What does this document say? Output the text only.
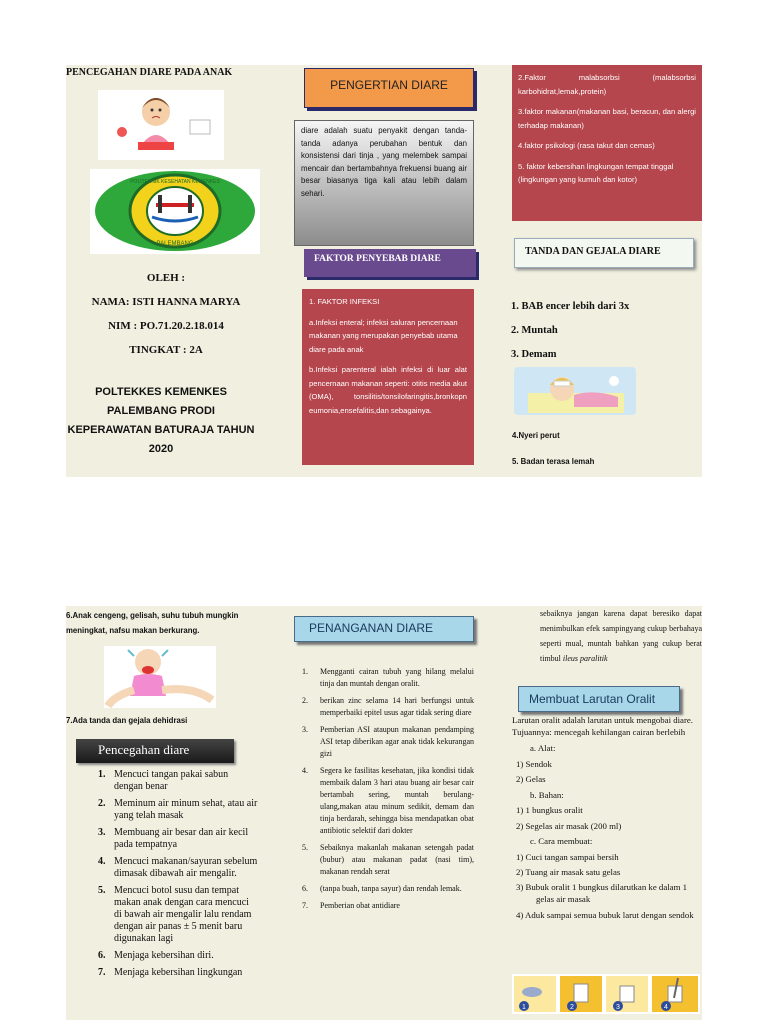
PENCEGAHAN DIARE PADA ANAK
POLITEKNIK KESEHATAN KEMENKES
PALEMBANG
OLEH :
NAMA: ISTI HANNA MARYA
NIM : PO.71.20.2.18.014
TINGKAT : 2A
POLTEKKES KEMENKES PALEMBANG PRODI KEPERAWATAN BATURAJA TAHUN 2020
PENGERTIAN DIARE
diare adalah suatu penyakit dengan tanda-tanda adanya perubahan bentuk dan konsistensi dari tinja , yang melembek sampai mencair dan bertambahnya frekuensi buang air besar biasanya tiga kali atau lebih dalam sehari.
FAKTOR PENYEBAB DIARE

1. FAKTOR INFEKSI

a.Infeksi enteral; infeksi saluran pencernaan makanan yang merupakan penyebab utama diare pada anak

b.Infeksi parenteral ialah infeksi di luar alat pencernaan makanan seperti: otitis media akut (OMA), tonsilitis/tonsilofaringitis,bronkopn eumonia,ensefalitis,dan sebagainya.

2.Faktor malabsorbsi (malabsorbsi karbohidrat,lemak,protein)

3.faktor makanan(makanan basi, beracun, dan alergi terhadap makanan)

4.faktor psikologi (rasa takut dan cemas)

5. faktor kebersihan lingkungan tempat tinggal (lingkungan yang kumuh dan kotor)

TANDA DAN GEJALA DIARE
1. BAB encer lebih dari 3x
2. Muntah
3. Demam
4.Nyeri perut
5. Badan terasa lemah
6.Anak cengeng, gelisah, suhu tubuh mungkin meningkat, nafsu makan berkurang.
7.Ada tanda dan gejala dehidrasi
Pencegahan diare
1. Mencuci tangan pakai sabun dengan benar
2. Meminum air minum sehat, atau air yang telah masak
3. Membuang air besar dan air kecil pada tempatnya
4. Mencuci makanan/sayuran sebelum dimasak dibawah air mengalir.
5. Mencuci botol susu dan tempat makan anak dengan cara mencuci di bawah air mengalir lalu rendam dengan air panas ± 5 menit baru digunakan lagi
6. Menjaga kebersihan diri.
7. Menjaga kebersihan lingkungan
PENANGANAN DIARE
1.	Mengganti cairan tubuh yang hilang melalui tinja dan muntah dengan oralit.
2.	berikan zinc selama 14 hari berfungsi untuk memperbaiki epitel usus agar tidak sering diare
3.	Pemberian ASI ataupun makanan pendamping ASI tetap diberikan agar anak tidak kekurangan gizi
4.	Segera ke fasilitas kesehatan, jika kondisi tidak membaik dalam 3 hari atau buang air besar cair bertambah sering, muntah berulang-ulang,makan atau minum sedikit, demam dan tinja berdarah, sehingga bisa mendapatkan obat antibiotic selektif dari dokter
5.	Sebaiknya makanlah makanan setengah padat (bubur) atau makanan padat (nasi tim), makanan rendah serat
6.	(tanpa buah, tanpa sayur) dan rendah lemak.
7.	Pemberian obat antidiare
sebaiknya jangan karena dapat beresiko dapat menimbulkan efek sampingyang cukup berbahaya seperti mual, muntah bahkan yang cukup berat timbul ileus paralitik
Membuat Larutan Oralit
Larutan oralit adalah larutan untuk mengobai diare.
Tujuannya: mencegah kehilangan cairan berlebih
a. Alat:
1) Sendok
2) Gelas
b. Bahan:
1) 1 bungkus oralit
2) Segelas air masak (200 ml)
c. Cara membuat:
1) Cuci tangan sampai bersih
2) Tuang air masak satu gelas
3) Bubuk oralit 1 bungkus dilarutkan ke dalam 1 gelas air masak
4) Aduk sampai semua bubuk larut dengan sendok
1	2	3	4
